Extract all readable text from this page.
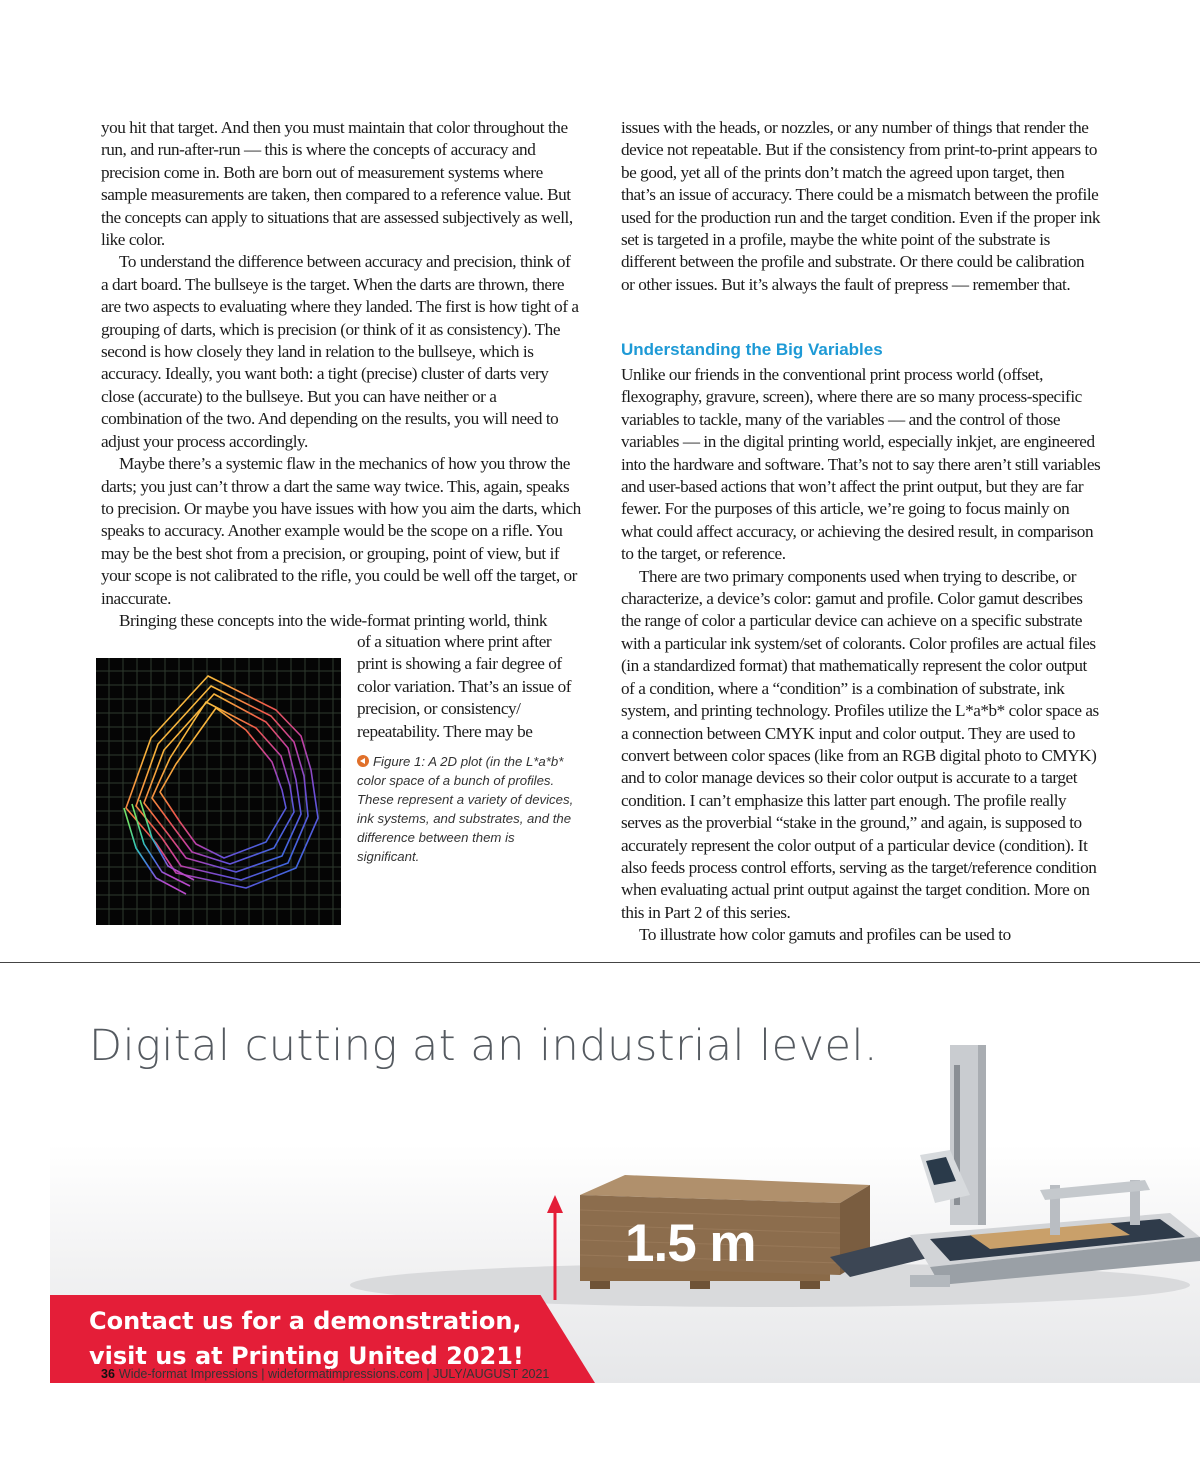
you hit that target. And then you must maintain that color throughout the run, and run-after-run — this is where the concepts of accuracy and precision come in. Both are born out of measurement systems where sample measurements are taken, then compared to a reference value. But the concepts can apply to situations that are assessed subjectively as well, like color.

To understand the difference between accuracy and precision, think of a dart board. The bullseye is the target. When the darts are thrown, there are two aspects to evaluating where they landed. The first is how tight of a grouping of darts, which is precision (or think of it as consistency). The second is how closely they land in relation to the bullseye, which is accuracy. Ideally, you want both: a tight (precise) cluster of darts very close (accurate) to the bullseye. But you can have neither or a combination of the two. And depending on the results, you will need to adjust your process accordingly.

Maybe there’s a systemic flaw in the mechanics of how you throw the darts; you just can’t throw a dart the same way twice. This, again, speaks to precision. Or maybe you have issues with how you aim the darts, which speaks to accuracy. Another example would be the scope on a rifle. You may be the best shot from a precision, or grouping, point of view, but if your scope is not calibrated to the rifle, you could be well off the target, or inaccurate.

Bringing these concepts into the wide-format printing world, think

of a situation where print after print is showing a fair degree of color variation. That’s an issue of precision, or consistency/ repeatability. There may be
Figure 1: A 2D plot (in the L*a*b* color space of a bunch of profiles. These represent a variety of devices, ink systems, and substrates, and the difference between them is significant.

issues with the heads, or nozzles, or any number of things that render the device not repeatable. But if the consistency from print-to-print appears to be good, yet all of the prints don’t match the agreed upon target, then that’s an issue of accuracy. There could be a mismatch between the profile used for the production run and the target condition. Even if the proper ink set is targeted in a profile, maybe the white point of the substrate is different between the profile and substrate. Or there could be calibration or other issues. But it’s always the fault of prepress — remember that.

Understanding the Big Variables

Unlike our friends in the conventional print process world (offset, flexography, gravure, screen), where there are so many process-specific variables to tackle, many of the variables — and the control of those variables — in the digital printing world, especially inkjet, are engineered into the hardware and software. That’s not to say there aren’t still variables and user-based actions that won’t affect the print output, but they are far fewer. For the purposes of this article, we’re going to focus mainly on what could affect accuracy, or achieving the desired result, in comparison to the target, or reference.

There are two primary components used when trying to describe, or characterize, a device’s color: gamut and profile. Color gamut describes the range of color a particular device can achieve on a specific substrate with a particular ink system/set of colorants. Color profiles are actual files (in a standardized format) that mathematically represent the color output of a condition, where a “condition” is a combination of substrate, ink system, and printing technology. Profiles utilize the L*a*b* color space as a connection between CMYK input and color output. They are used to convert between color spaces (like from an RGB digital photo to CMYK) and to color manage devices so their color output is accurate to a target condition. I can’t emphasize this latter part enough. The profile really serves as the proverbial “stake in the ground,” and again, is supposed to accurately represent the color output of a particular device (condition). It also feeds process control efforts, serving as the target/reference condition when evaluating actual print output against the target condition. More on this in Part 2 of this series.

To illustrate how color gamuts and profiles can be used to

Digital cutting at an industrial level.
1.5 m
Contact us for a demonstration,
visit us at Printing United 2021!
36 Wide-format Impressions | wideformatimpressions.com | JULY/AUGUST 2021
